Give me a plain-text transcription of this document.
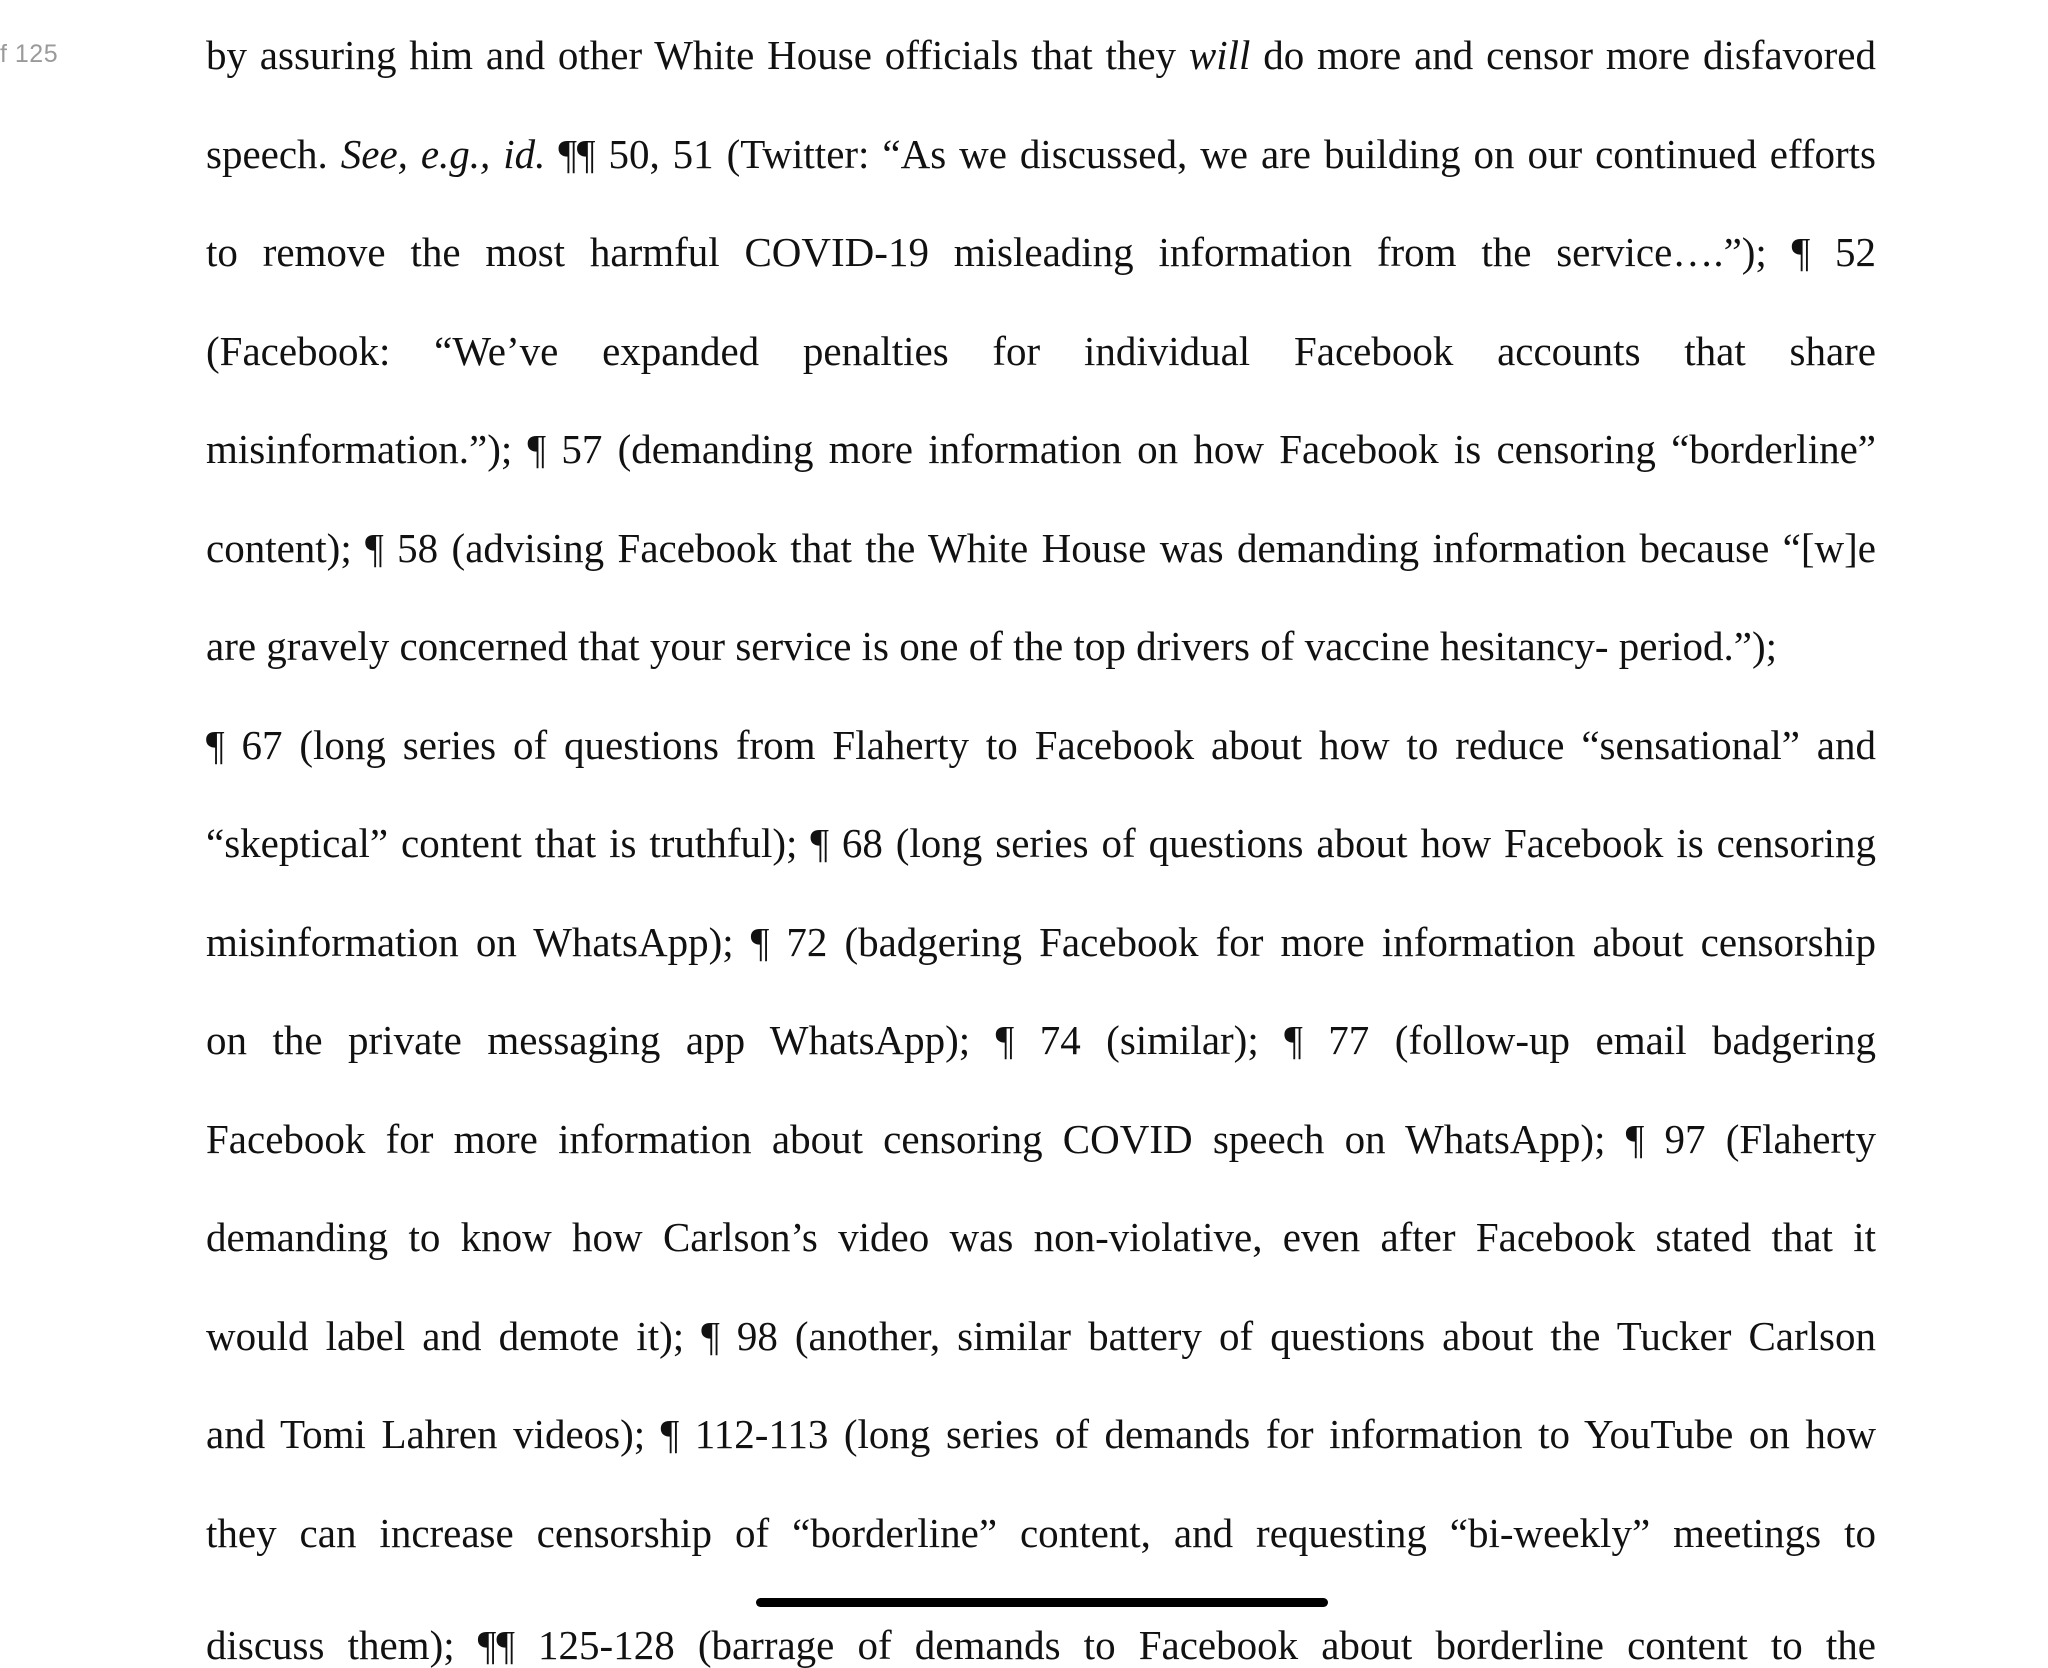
f 125	by assuring him and other White House officials that they will do more and censor more disfavored
speech. See, e.g., id. ¶¶ 50, 51 (Twitter: “As we discussed, we are building on our continued efforts
to remove the most harmful COVID-19 misleading information from the service….”); ¶ 52
(Facebook: “We’ve expanded penalties for individual Facebook accounts that share
misinformation.”); ¶ 57 (demanding more information on how Facebook is censoring “borderline”
content); ¶ 58 (advising Facebook that the White House was demanding information because “[w]e
are gravely concerned that your service is one of the top drivers of vaccine hesitancy- period.”);
¶ 67 (long series of questions from Flaherty to Facebook about how to reduce “sensational” and
“skeptical” content that is truthful); ¶ 68 (long series of questions about how Facebook is censoring
misinformation on WhatsApp); ¶ 72 (badgering Facebook for more information about censorship
on the private messaging app WhatsApp); ¶ 74 (similar); ¶ 77 (follow-up email badgering
Facebook for more information about censoring COVID speech on WhatsApp); ¶ 97 (Flaherty
demanding to know how Carlson’s video was non-violative, even after Facebook stated that it
would label and demote it); ¶ 98 (another, similar battery of questions about the Tucker Carlson
and Tomi Lahren videos); ¶ 112-113 (long series of demands for information to YouTube on how
they can increase censorship of “borderline” content, and requesting “bi-weekly” meetings to
discuss them); ¶¶ 125-128 (barrage of demands to Facebook about borderline content to the
